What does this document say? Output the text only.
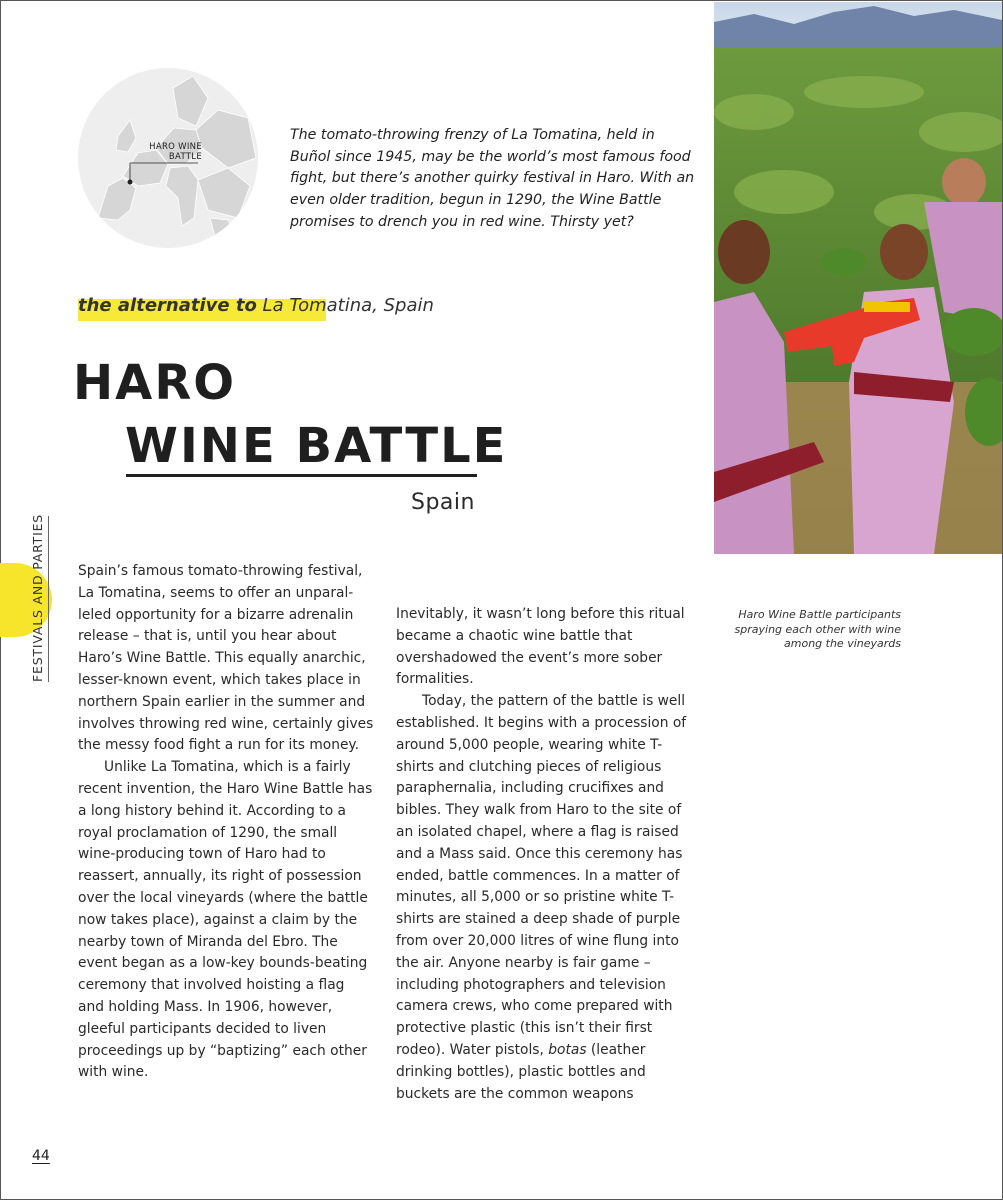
HARO WINE
BATTLE
The tomato-throwing frenzy of La Tomatina, held in Buñol since 1945, may be the world’s most famous food fight, but there’s another quirky festival in Haro. With an even older tradition, begun in 1290, the Wine Battle promises to drench you in red wine. Thirsty yet?
the alternative to La Tomatina, Spain
HARO
WINE BATTLE
Spain
FESTIVALS AND PARTIES Spain’s famous tomato-throwing festival, La Tomatina, seems to offer an unparal-leled opportunity for a bizarre adrenalin release – that is, until you hear about Haro’s Wine Battle. This equally anarchic, lesser-known event, which takes place in northern Spain earlier in the summer and involves throwing red wine, certainly gives the messy food fight a run for its money.

Unlike La Tomatina, which is a fairly recent invention, the Haro Wine Battle has a long history behind it. According to a royal proclamation of 1290, the small wine-producing town of Haro had to reassert, annually, its right of possession over the local vineyards (where the battle now takes place), against a claim by the nearby town of Miranda del Ebro. The event began as a low-key bounds-beating ceremony that involved hoisting a flag and holding Mass. In 1906, however, gleeful participants decided to liven proceedings up by “baptizing” each other with wine.

Inevitably, it wasn’t long before this ritual became a chaotic wine battle that overshadowed the event’s more sober formalities.

Today, the pattern of the battle is well established. It begins with a procession of around 5,000 people, wearing white T-shirts and clutching pieces of religious paraphernalia, including crucifixes and bibles. They walk from Haro to the site of an isolated chapel, where a flag is raised and a Mass said. Once this ceremony has ended, battle commences. In a matter of minutes, all 5,000 or so pristine white T-shirts are stained a deep shade of purple from over 20,000 litres of wine flung into the air. Anyone nearby is fair game – including photographers and television camera crews, who come prepared with protective plastic (this isn’t their first rodeo). Water pistols, botas (leather drinking bottles), plastic bottles and buckets are the common weapons

Haro Wine Battle participants spraying each other with wine among the vineyards
44
